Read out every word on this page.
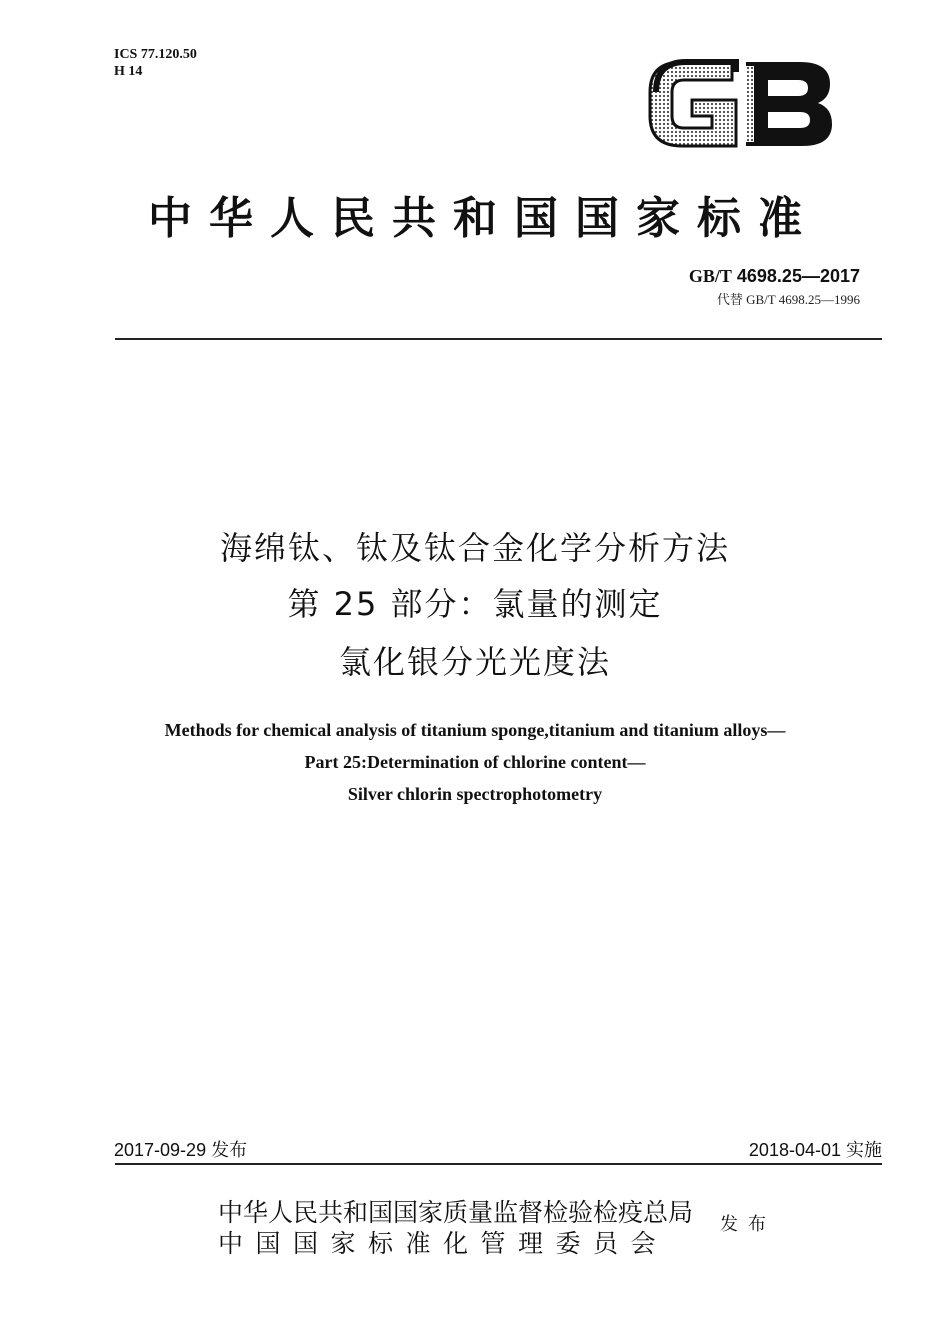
ICS 77.120.50
H 14
中华人民共和国国家标准
GB/T 4698.25—2017
代替 GB/T 4698.25—1996
海绵钛、钛及钛合金化学分析方法
第 25 部分：氯量的测定
氯化银分光光度法
Methods for chemical analysis of titanium sponge,titanium and titanium alloys—
Part 25:Determination of chlorine content—
Silver chlorin spectrophotometry
2017-09-29 发布	2018-04-01 实施
中华人民共和国国家质量监督检验检疫总局
中国国家标准化管理委员会
发布
